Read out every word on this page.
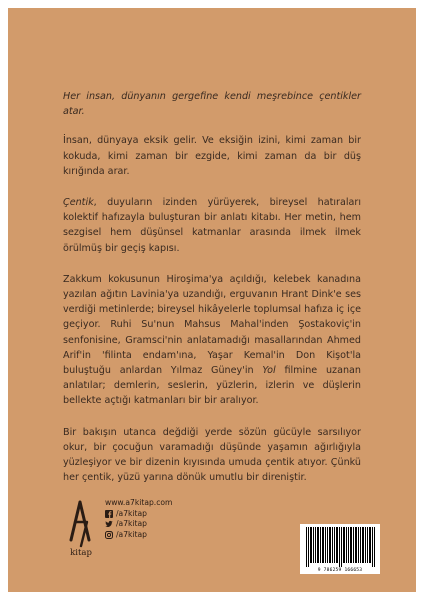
Her insan, dünyanın gergefine kendi meşrebince çentikler atar.

İnsan, dünyaya eksik gelir. Ve eksiğin izini, kimi zaman bir kokuda, kimi zaman bir ezgide, kimi zaman da bir düş kırığında arar.

Çentik, duyuların izinden yürüyerek, bireysel hatıraları kolektif hafızayla buluşturan bir anlatı kitabı. Her metin, hem sezgisel hem düşünsel katmanlar arasında ilmek ilmek örülmüş bir geçiş kapısı.

Zakkum kokusunun Hiroşima'ya açıldığı, kelebek kanadına yazılan ağıtın Lavinia'ya uzandığı, erguvanın Hrant Dink'e ses verdiği metinlerde; bireysel hikâyelerle toplumsal hafıza iç içe geçiyor. Ruhi Su'nun Mahsus Mahal'inden Şostakoviç'in senfonisine, Gramsci'nin anlatamadığı masallarından Ahmed Arif'in 'filinta endam'ına, Yaşar Kemal'in Don Kişot'la buluştuğu anlardan Yılmaz Güney'in Yol filmine uzanan anlatılar; demlerin, seslerin, yüzlerin, izlerin ve düşlerin bellekte açtığı katmanları bir bir aralıyor.

Bir bakışın utanca değdiği yerde sözün gücüyle sarsılıyor okur, bir çocuğun varamadığı düşünde yaşamın ağırlığıyla yüzleşiyor ve bir dizenin kıyısında umuda çentik atıyor. Çünkü her çentik, yüzü yarına dönük umutlu bir direniştir.

kitap
www.a7kitap.com
/a7kitap
/a7kitap
/a7kitap
9 786259 166653
